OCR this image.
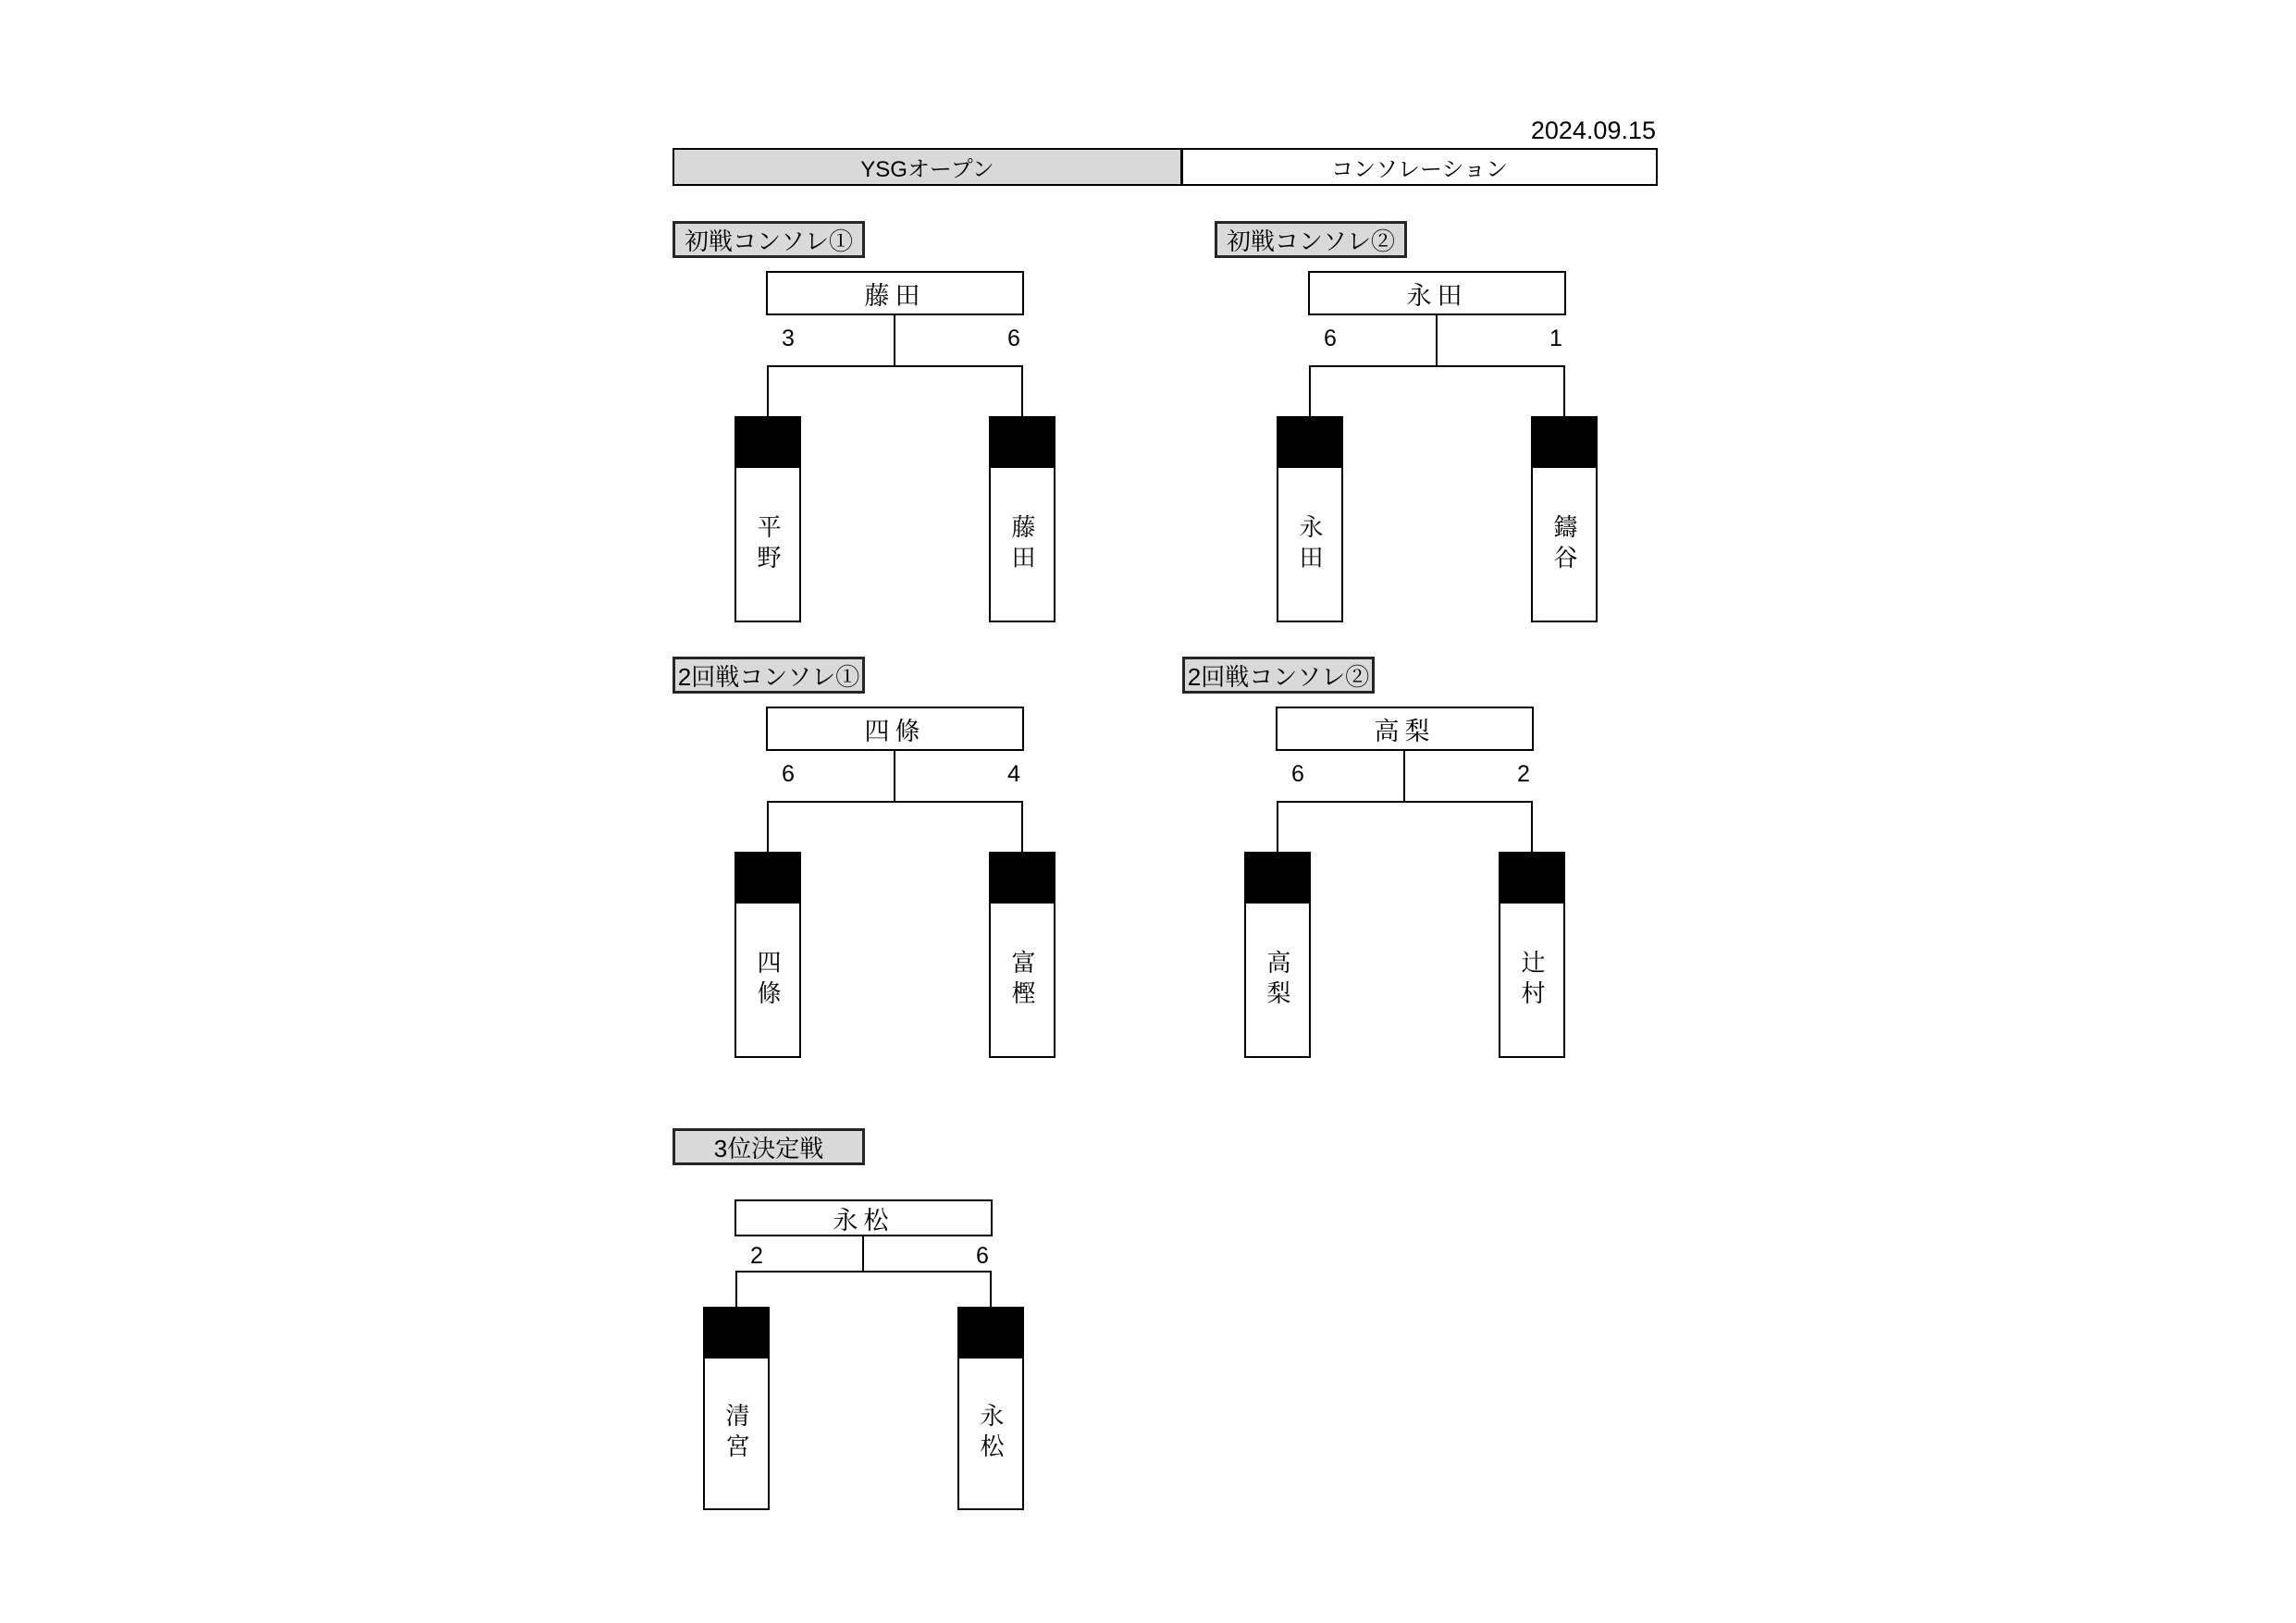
2024.09.15
YSGオープン	コンソレーション
初戦コンソレ①
藤田
3	6
平野	藤田
初戦コンソレ②
永田
6	1
永田	鑄谷
2回戦コンソレ①
四條
6	4
四條	富樫
2回戦コンソレ②
高梨
6	2
高梨	辻村
3位決定戦
永松
2	6
清宮	永松
